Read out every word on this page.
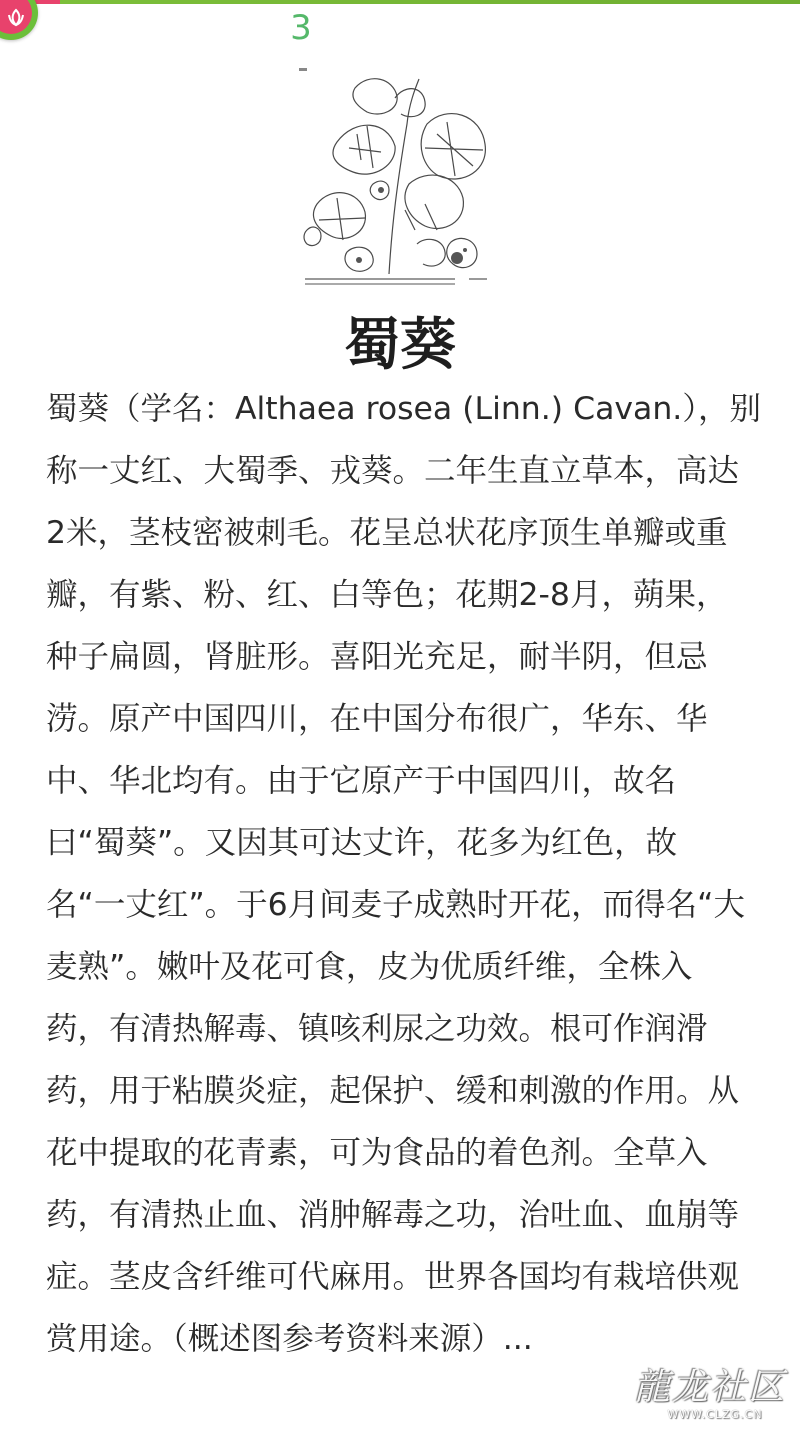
3
蜀葵
蜀葵（学名：Althaea rosea (Linn.) Cavan.），别
称一丈红、大蜀季、戎葵。二年生直立草本，高达
2米，茎枝密被刺毛。花呈总状花序顶生单瓣或重
瓣，有紫、粉、红、白等色；花期2-8月，蒴果，
种子扁圆，肾脏形。喜阳光充足，耐半阴，但忌
涝。原产中国四川，在中国分布很广，华东、华
中、华北均有。由于它原产于中国四川，故名
曰“蜀葵”。又因其可达丈许，花多为红色，故
名“一丈红”。于6月间麦子成熟时开花，而得名“大
麦熟”。嫩叶及花可食，皮为优质纤维，全株入
药，有清热解毒、镇咳利尿之功效。根可作润滑
药，用于粘膜炎症，起保护、缓和刺激的作用。从
花中提取的花青素，可为食品的着色剂。全草入
药，有清热止血、消肿解毒之功，治吐血、血崩等
症。茎皮含纤维可代麻用。世界各国均有栽培供观
赏用途。（概述图参考资料来源）...
龍龙社区
WWW.CLZG.CN
